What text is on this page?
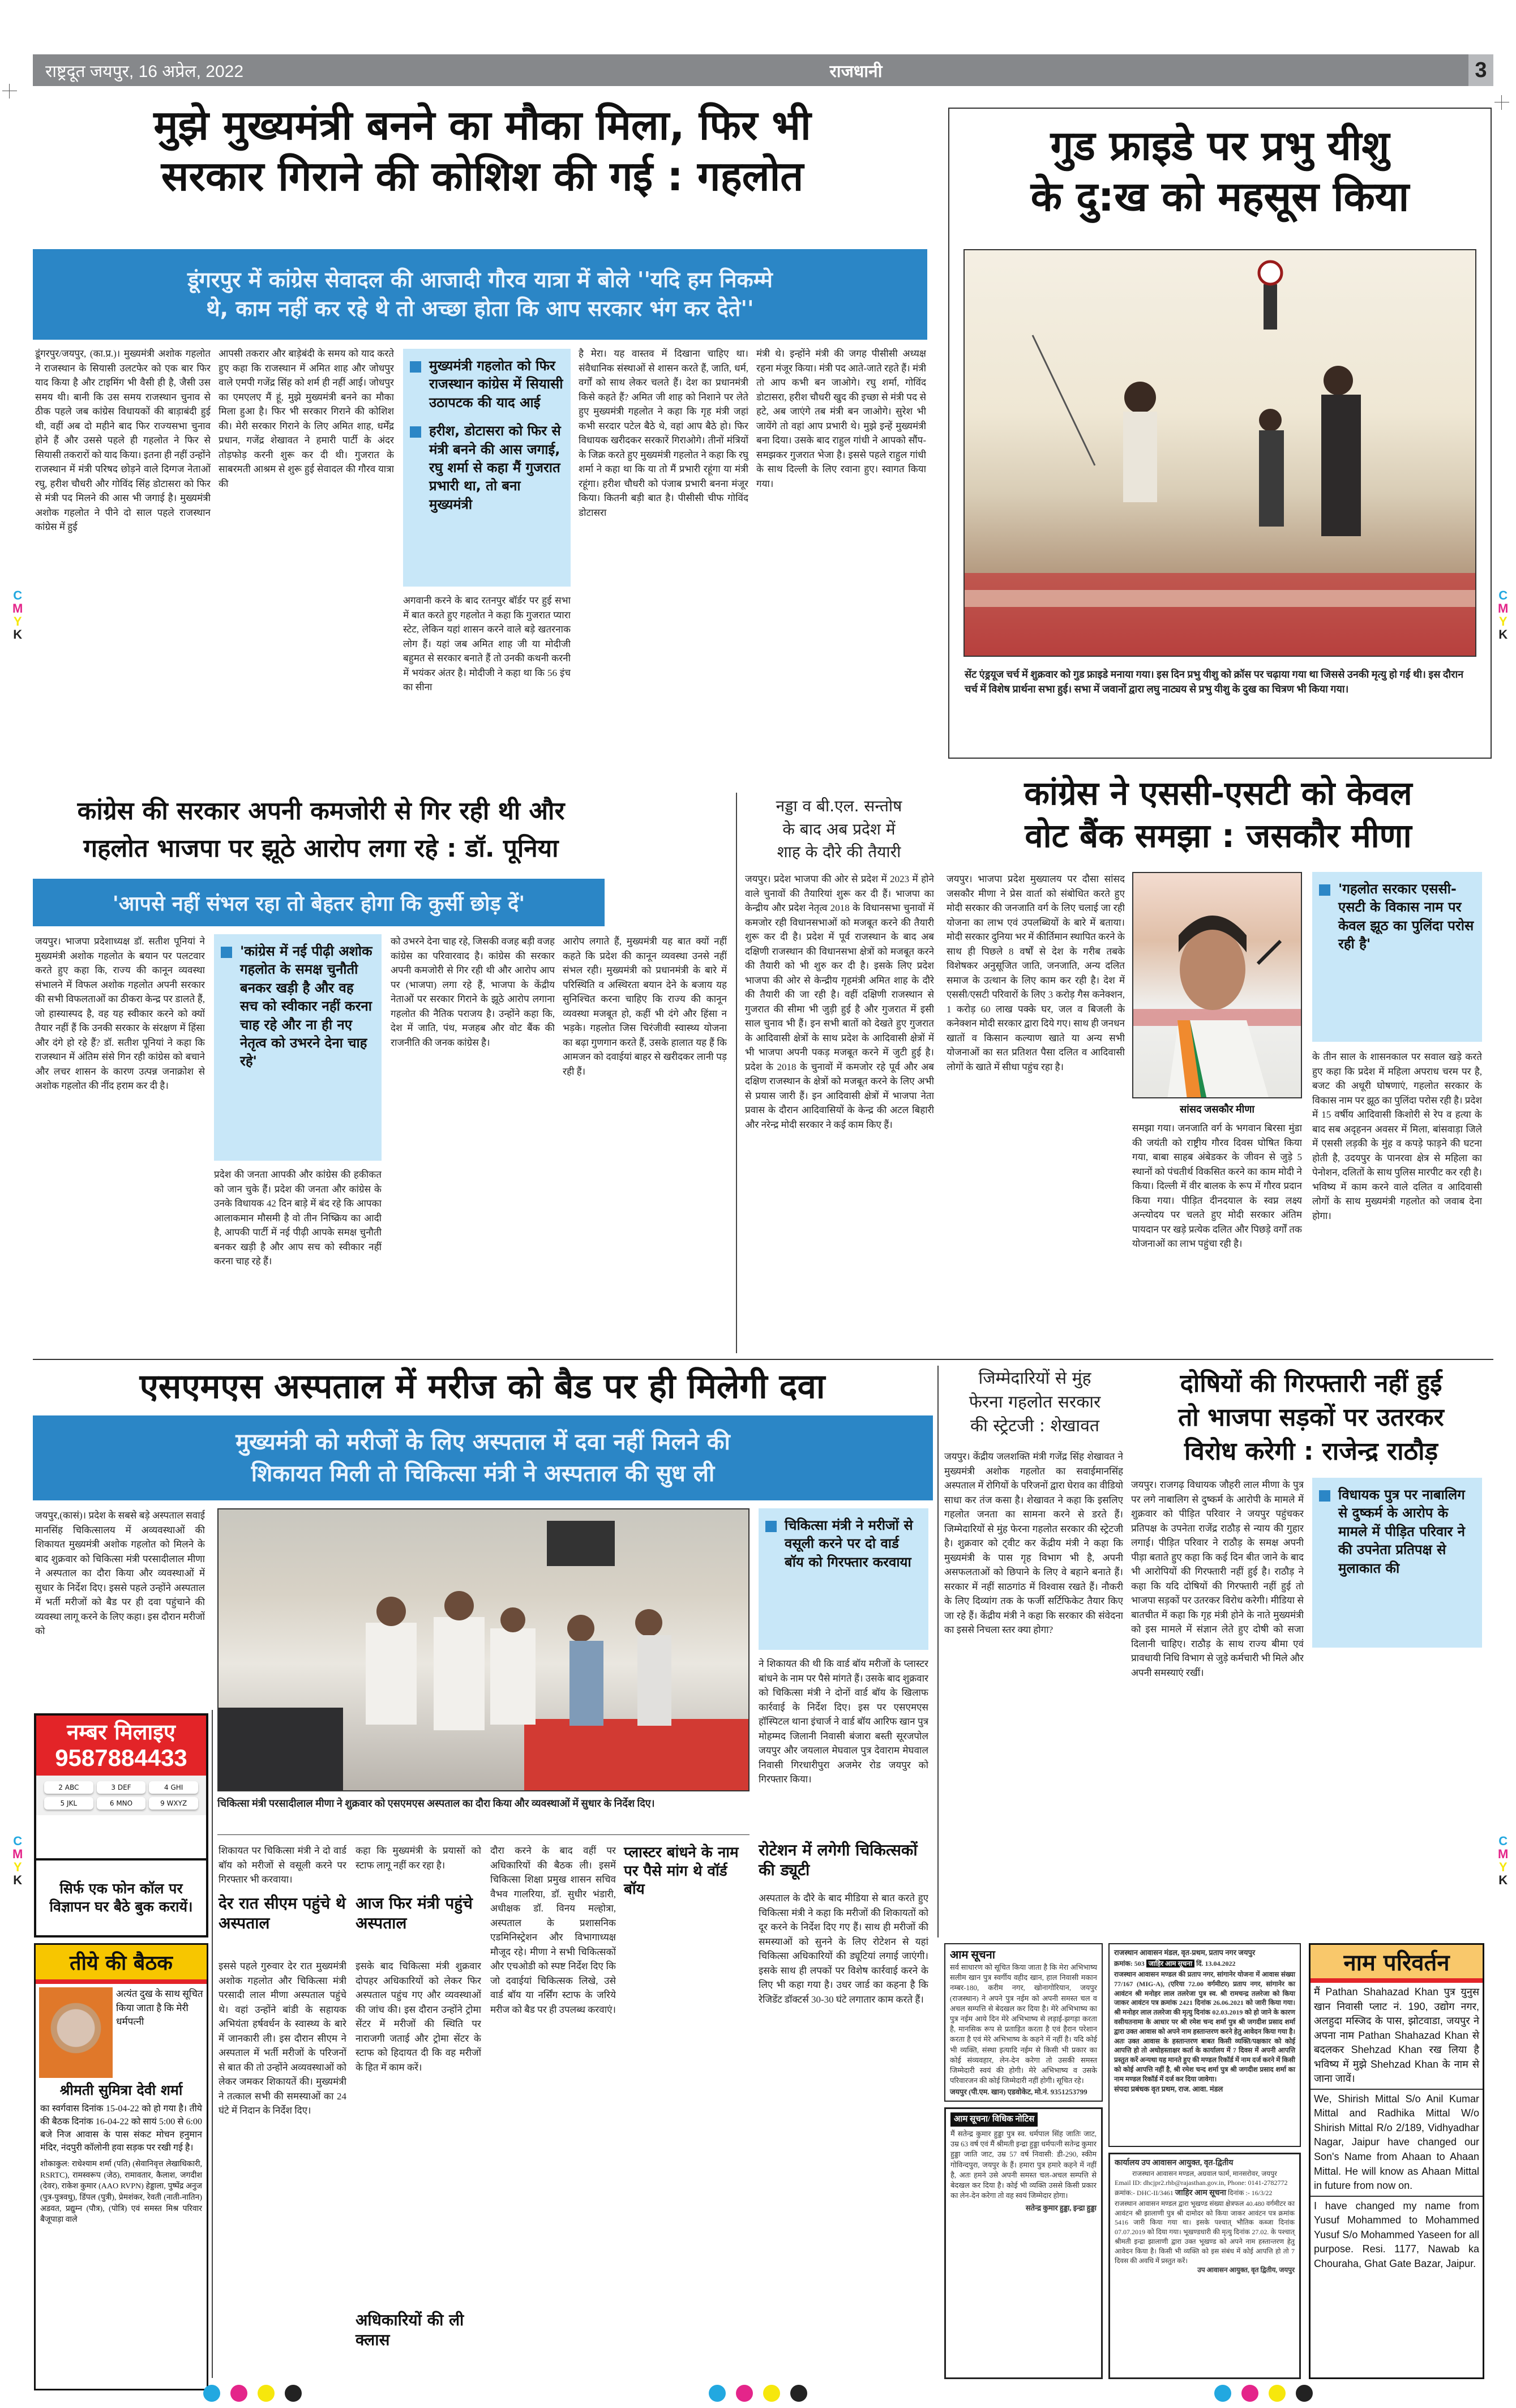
राष्ट्रदूत जयपुर, 16 अप्रेल, 2022	राजधानी	3
C
M
Y
K
C
M
Y
K
C
M
Y
K
C
M
Y
K
मुझे मुख्यमंत्री बनने का मौका मिला, फिर भी
सरकार गिराने की कोशिश की गई : गहलोत
डूंगरपुर में कांग्रेस सेवादल की आजादी गौरव यात्रा में बोले ''यदि हम निकम्मे
थे, काम नहीं कर रहे थे तो अच्छा होता कि आप सरकार भंग कर देते''
डूंगरपुर/जयपुर, (का.प्र.)। मुख्यमंत्री अशोक गहलोत ने राजस्थान के सियासी उलटफेर को एक बार फिर याद किया है और टाइमिंग भी वैसी ही है, जैसी उस समय थी। बानी कि उस समय राजस्थान चुनाव से ठीक पहले जब कांग्रेस विधायकों की बाड़ाबंदी हुई थी, वहीं अब दो महीने बाद फिर राज्यसभा चुनाव होने हैं और उससे पहले ही गहलोत ने फिर से सियासी तकरारों को याद किया। इतना ही नहीं उन्होंने राजस्थान में मंत्री परिषद छोड़ने वाले दिग्गज नेताओं रघु, हरीश चौधरी और गोविंद सिंह डोटासरा को फिर से मंत्री पद मिलने की आस भी जगाई है। मुख्यमंत्री अशोक गहलोत ने पीने दो साल पहले राजस्थान कांग्रेस में हुई
आपसी तकरार और बाड़ेबंदी के समय को याद करते हुए कहा कि राजस्थान में अमित शाह और जोधपुर वाले एमपी गजेंद्र सिंह को शर्म ही नहीं आई। जोधपुर का एमएलए मैं हूं, मुझे मुख्यमंत्री बनने का मौका मिला हुआ है। फिर भी सरकार गिराने की कोशिश की। मेरी सरकार गिराने के लिए अमित शाह, धर्मेंद्र प्रधान, गजेंद्र शेखावत ने हमारी पार्टी के अंदर तोड़फोड़ करनी शुरू कर दी थी। गुजरात के साबरमती आश्रम से शुरू हुई सेवादल की गौरव यात्रा की
मुख्यमंत्री गहलोत को फिर राजस्थान कांग्रेस में सियासी उठापटक की याद आई
हरीश, डोटासरा को फिर से मंत्री बनने की आस जगाई, रघु शर्मा से कहा मैं गुजरात प्रभारी था, तो बना मुख्यमंत्री
अगवानी करने के बाद रतनपुर बॉर्डर पर हुई सभा में बात करते हुए गहलोत ने कहा कि गुजरात प्यारा स्टेट, लेकिन यहां शासन करने वाले बड़े खतरनाक लोग हैं। यहां जब अमित शाह जी या मोदीजी बहुमत से सरकार बनाते हैं तो उनकी कथनी करनी में भयंकर अंतर है। मोदीजी ने कहा था कि 56 इंच का सीना
है मेरा। यह वास्तव में दिखाना चाहिए था। संवैधानिक संस्थाओं से शासन करते हैं, जाति, धर्म, वर्गों को साथ लेकर चलते हैं। देश का प्रधानमंत्री किसे कहते हैं? अमित जी शाह को निशाने पर लेते हुए मुख्यमंत्री गहलोत ने कहा कि गृह मंत्री जहां कभी सरदार पटेल बैठे थे, वहां आप बैठे हो। फिर विधायक खरीदकर सरकारें गिराओगे। तीनों मंत्रियों के जिक्र करते हुए मुख्यमंत्री गहलोत ने कहा कि रघु शर्मा ने कहा था कि या तो मैं प्रभारी रहूंगा या मंत्री रहूंगा। हरीश चौधरी को पंजाब प्रभारी बनना मंजूर किया। कितनी बड़ी बात है। पीसीसी चीफ गोविंद डोटासरा
मंत्री थे। इन्होंने मंत्री की जगह पीसीसी अध्यक्ष रहना मंजूर किया। मंत्री पद आते-जाते रहते हैं। मंत्री तो आप कभी बन जाओगे। रघु शर्मा, गोविंद डोटासरा, हरीश चौधरी खुद की इच्छा से मंत्री पद से हटे, अब जाएंगे तब मंत्री बन जाओगे। सुरेश भी जायेंगे तो वहां आप प्रभारी थे। मुझे इन्हें मुख्यमंत्री बना दिया। उसके बाद राहुल गांधी ने आपको सौंप-समझकर गुजरात भेजा है। इससे पहले राहुल गांधी के साथ दिल्ली के लिए रवाना हुए। स्वागत किया गया।
गुड फ्राइडे पर प्रभु यीशु
के दु:ख को महसूस किया
सेंट एंड्रयूज चर्च में शुक्रवार को गुड फ्राइडे मनाया गया। इस दिन प्रभु यीशु को क्रॉस पर चढ़ाया गया था जिससे उनकी मृत्यु हो गई थी। इस दौरान चर्च में विशेष प्रार्थना सभा हुई। सभा में जवानों द्वारा लघु नाट्यय से प्रभु यीशु के दुख का चित्रण भी किया गया।
कांग्रेस की सरकार अपनी कमजोरी से गिर रही थी और
गहलोत भाजपा पर झूठे आरोप लगा रहे : डॉ. पूनिया
'आपसे नहीं संभल रहा तो बेहतर होगा कि कुर्सी छोड़ दें'
जयपुर। भाजपा प्रदेशाध्यक्ष डॉ. सतीश पूनियां ने मुख्यमंत्री अशोक गहलोत के बयान पर पलटवार करते हुए कहा कि, राज्य की कानून व्यवस्था संभालने में विफल अशोक गहलोत अपनी सरकार की सभी विफलताओं का ठीकरा केन्द्र पर डालते हैं, जो हास्यास्पद है, वह यह स्वीकार करने को क्यों तैयार नहीं हैं कि उनकी सरकार के संरक्षण में हिंसा और दंगे हो रहे हैं? डॉ. सतीश पूनियां ने कहा कि राजस्थान में अंतिम संसे गिन रही कांग्रेस को बचाने और लचर शासन के कारण उत्पन्न जनाक्रोश से अशोक गहलोत की नींद हराम कर दी है।
'कांग्रेस में नई पीढ़ी अशोक गहलोत के समक्ष चुनौती बनकर खड़ी है और वह सच को स्वीकार नहीं करना चाह रहे और ना ही नए नेतृत्व को उभरने देना चाह रहे'
प्रदेश की जनता आपकी और कांग्रेस की हकीकत को जान चुके हैं। प्रदेश की जनता और कांग्रेस के उनके विधायक 42 दिन बाड़े में बंद रहे कि आपका आलाकमान मौसमी है वो तीन निष्क्रिय का आदी है, आपकी पार्टी में नई पीढ़ी आपके समक्ष चुनौती बनकर खड़ी है और आप सच को स्वीकार नहीं करना चाह रहे हैं।
को उभरने देना चाह रहे, जिसकी वजह बड़ी वजह कांग्रेस का परिवारवाद है। कांग्रेस की सरकार अपनी कमजोरी से गिर रही थी और आरोप आप पर (भाजपा) लगा रहे हैं, भाजपा के केंद्रीय नेताओं पर सरकार गिराने के झूठे आरोप लगाना गहलोत की नैतिक पराजय है। उन्होंने कहा कि, देश में जाति, पंथ, मजहब और वोट बैंक की राजनीति की जनक कांग्रेस है।
आरोप लगाते हैं, मुख्यमंत्री यह बात क्यों नहीं कहते कि प्रदेश की कानून व्यवस्था उनसे नहीं संभल रही। मुख्यमंत्री को प्रधानमंत्री के बारे में परिस्थिति व अस्थिरता बयान देने के बजाय यह सुनिश्चित करना चाहिए कि राज्य की कानून व्यवस्था मजबूत हो, कहीं भी दंगे और हिंसा न भड़के। गहलोत जिस चिरंजीवी स्वास्थ्य योजना का बढ़ा गुणगान करते हैं, उसके हालात यह हैं कि आमजन को दवाईयां बाहर से खरीदकर लानी पड़ रही हैं।
नड्डा व बी.एल. सन्तोष
के बाद अब प्रदेश में
शाह के दौरे की तैयारी
जयपुर। प्रदेश भाजपा की ओर से प्रदेश में 2023 में होने वाले चुनावों की तैयारियां शुरू कर दी हैं। भाजपा का केन्द्रीय और प्रदेश नेतृत्व 2018 के विधानसभा चुनावों में कमजोर रही विधानसभाओं को मजबूत करने की तैयारी शुरू कर दी है। प्रदेश में पूर्व राजस्थान के बाद अब दक्षिणी राजस्थान की विधानसभा क्षेत्रों को मजबूत करने की तैयारी को भी शुरु कर दी है। इसके लिए प्रदेश भाजपा की ओर से केन्द्रीय गृहमंत्री अमित शाह के दौरे की तैयारी की जा रही है। वहीं दक्षिणी राजस्थान से गुजरात की सीमा भी जुड़ी हुई है और गुजरात में इसी साल चुनाव भी हैं। इन सभी बातों को देखते हुए गुजरात के आदिवासी क्षेत्रों के साथ प्रदेश के आदिवासी क्षेत्रों में भी भाजपा अपनी पकड़ मजबूत करने में जुटी हुई है। प्रदेश के 2018 के चुनावों में कमजोर रहे पूर्व और अब दक्षिण राजस्थान के क्षेत्रों को मजबूत करने के लिए अभी से प्रयास जारी हैं। इन आदिवासी क्षेत्रों में भाजपा नेता प्रवास के दौरान आदिवासियों के केन्द्र की अटल बिहारी और नरेन्द्र मोदी सरकार ने कई काम किए हैं।
कांग्रेस ने एससी-एसटी को केवल
वोट बैंक समझा : जसकौर मीणा
जयपुर। भाजपा प्रदेश मुख्यालय पर दौसा सांसद जसकौर मीणा ने प्रेस वार्ता को संबोधित करते हुए मोदी सरकार की जनजाति वर्ग के लिए चलाई जा रही योजना का लाभ एवं उपलब्धियों के बारे में बताया। मोदी सरकार दुनिया भर में कीर्तिमान स्थापित करने के साथ ही पिछले 8 वर्षों से देश के गरीब तबके विशेषकर अनुसूजित जाति, जनजाति, अन्य दलित समाज के उत्थान के लिए काम कर रही है। देश में एससी/एसटी परिवारों के लिए 3 करोड़ गैस कनेक्शन, 1 करोड़ 60 लाख पक्के घर, जल व बिजली के कनेक्शन मोदी सरकार द्वारा दिये गए। साथ ही जनधन खातों व किसान कल्याण खाते या अन्य सभी योजनाओं का सत प्रतिशत पैसा दलित व आदिवासी लोगों के खाते में सीधा पहुंच रहा है।
सांसद जसकौर मीणा
समझा गया। जनजाति वर्ग के भगवान बिरसा मुंडा की जयंती को राष्ट्रीय गौरव दिवस घोषित किया गया, बाबा साहब अंबेडकर के जीवन से जुड़े 5 स्थानों को पंचतीर्थ विकसित करने का काम मोदी ने किया। दिल्ली में वीर बालक के रूप में गौरव प्रदान किया गया। पीड़ित दीनदयाल के स्वप्न लक्ष्य अन्त्योदय पर चलते हुए मोदी सरकार अंतिम पायदान पर खड़े प्रत्येक दलित और पिछड़े वर्गों तक योजनाओं का लाभ पहुंचा रही है।
'गहलोत सरकार एससी-एसटी के विकास नाम पर केवल झूठ का पुलिंदा परोस रही है'
के तीन साल के शासनकाल पर सवाल खड़े करते हुए कहा कि प्रदेश में महिला अपराध चरम पर है, बजट की अधूरी घोषणाएं, गहलोत सरकार के विकास नाम पर झूठ का पुलिंदा परोस रही है। प्रदेश में 15 वर्षीय आदिवासी किशोरी से रेप व हत्या के बाद सब अदृहनन अवसर में मिला, बांसवाड़ा जिले में एससी लड़की के मुंह व कपड़े फाड़ने की घटना होती है, उदयपुर के पानरवा क्षेत्र से महिला का पेनोशन, दलितों के साथ पुलिस मारपीट कर रही है। भविष्य में काम करने वाले दलित व आदिवासी लोगों के साथ मुख्यमंत्री गहलोत को जवाब देना होगा।
एसएमएस अस्पताल में मरीज को बैड पर ही मिलेगी दवा
मुख्यमंत्री को मरीजों के लिए अस्पताल में दवा नहीं मिलने की
शिकायत मिली तो चिकित्सा मंत्री ने अस्पताल की सुध ली
जयपुर,(कासं)। प्रदेश के सबसे बड़े अस्पताल सवाई मानसिंह चिकित्सालय में अव्यवस्थाओं की शिकायत मुख्यमंत्री अशोक गहलोत को मिलने के बाद शुक्रवार को चिकित्सा मंत्री परसादीलाल मीणा ने अस्पताल का दौरा किया और व्यवस्थाओं में सुधार के निर्देश दिए। इससे पहले उन्होंने अस्पताल में भर्ती मरीजों को बैड पर ही दवा पहुंचाने की व्यवस्था लागू करने के लिए कहा। इस दौरान मरीजों को
चिकित्सा मंत्री परसादीलाल मीणा ने शुक्रवार को एसएमएस अस्पताल का दौरा किया और व्यवस्थाओं में सुधार के निर्देश दिए।
चिकित्सा मंत्री ने मरीजों से वसूली करने पर दो वार्ड बॉय को गिरफ्तार करवाया
ने शिकायत की थी कि वार्ड बॉय मरीजों के प्लास्टर बांधने के नाम पर पैसे मांगते हैं। उसके बाद शुक्रवार को चिकित्सा मंत्री ने दोनों वार्ड बॉय के खिलाफ कार्रवाई के निर्देश दिए। इस पर एसएमएस हॉस्पिटल थाना इंचार्ज ने वार्ड बॉय आरिफ खान पुत्र मोहम्मद जिलानी निवासी बंजारा बस्ती सूरजपोल जयपुर और जयलाल मेघवाल पुत्र देवाराम मेघवाल निवासी गिरधारीपुरा अजमेर रोड जयपुर को गिरफ्तार किया।
रोटेशन में लगेगी चिकित्सकों की ड्यूटी
शिकायत पर चिकित्सा मंत्री ने दो वार्ड बॉय को मरीजों से वसूली करने पर गिरफ्तार भी करवाया।
देर रात सीएम पहुंचे थे अस्पताल
इससे पहले गुरुवार देर रात मुख्यमंत्री अशोक गहलोत और चिकित्सा मंत्री परसादी लाल मीणा अस्पताल पहुंचे थे। वहां उन्होंने बांडी के सहायक अभियंता हर्षवर्धन के स्वास्थ्य के बारे में जानकारी ली। इस दौरान सीएम ने अस्पताल में भर्ती मरीजों के परिजनों से बात की तो उन्होंने अव्यवस्थाओं को लेकर जमकर शिकायतें की। मुख्यमंत्री ने तत्काल सभी की समस्याओं का 24 घंटे में निदान के निर्देश दिए।
कहा कि मुख्यमंत्री के प्रयासों को स्टाफ लागू नहीं कर रहा है।
आज फिर मंत्री पहुंचे अस्पताल
इसके बाद चिकित्सा मंत्री शुक्रवार दोपहर अधिकारियों को लेकर फिर अस्पताल पहुंच गए और व्यवस्थाओं की जांच की। इस दौरान उन्होंने ट्रोमा सेंटर में मरीजों की स्थिति पर नाराजगी जताई और ट्रोमा सेंटर के स्टाफ को हिदायत दी कि वह मरीजों के हित में काम करें।
अधिकारियों की ली क्लास
दौरा करने के बाद वहीं पर अधिकारियों की बैठक ली। इसमें चिकित्सा शिक्षा प्रमुख शासन सचिव वैभव गालरिया, डॉ. सुधीर भंडारी, अधीक्षक डॉ. विनय मल्होत्रा, अस्पताल के प्रशासनिक एडमिनिस्ट्रेशन और विभागाध्यक्ष मौजूद रहे। मीणा ने सभी चिकित्सकों और एचओडी को स्पष्ट निर्देश दिए कि जो दवाईयां चिकित्सक लिखे, उसे वार्ड बॉय या नर्सिंग स्टाफ के जरिये मरीज को बैड पर ही उपलब्ध करवाएं।
प्लास्टर बांधने के नाम पर पैसे मांग थे वॉर्ड बॉय
अस्पताल के दौरे के बाद मीडिया से बात करते हुए चिकित्सा मंत्री ने कहा कि मरीजों की शिकायतों को दूर करने के निर्देश दिए गए हैं। साथ ही मरीजों की समस्याओं को सुनने के लिए रोटेशन से यहां चिकित्सा अधिकारियों की ड्यूटियां लगाई जाएंगी। इसके साथ ही लपकों पर विशेष कार्रवाई करने के लिए भी कहा गया है। उधर जार्ड का कहना है कि रेजिडेंट डॉक्टर्स 30-30 घंटे लगातार काम करते हैं।
नम्बर मिलाइए
9587884433
2 ABC	3 DEF	4 GHI
5 JKL	6 MNO	9 WXYZ
सिर्फ एक फोन कॉल पर विज्ञापन घर बैठे बुक करायें।
तीये की बैठक
अत्यंत दुख के साथ सूचित किया जाता है कि मेरी धर्मपत्नी
श्रीमती सुमित्रा देवी शर्मा
का स्वर्गवास दिनांक 15-04-22 को हो गया है। तीये की बैठक दिनांक 16-04-22 को सायं 5:00 से 6:00 बजे निज आवास के पास संकट मोचन हनुमान मंदिर, नंदपुरी कॉलोनी हवा सड़क पर रखी गई है।
शोकाकुल: राधेश्याम शर्मा (पति) (सेवानिवृत्त लेखाधिकारी, RSRTC), रामस्वरूप (जेठ), रामावतार, कैलाश, जगदीश (देवर), राकेश कुमार (AAO RVPN) हेड्डाला, पुष्पेंद्र अनुज (पुत्र-पुत्रवधु), डिंपल (पुत्री), प्रेमशंकर, रेवती (नाती-नातिन) अडवत, प्रद्युम्न (पौत्र), (पोत्रि) एवं समस्त मिश्र परिवार बैजूपाड़ा वाले
जिम्मेदारियों से मुंह
फेरना गहलोत सरकार
की स्ट्रेटजी : शेखावत
जयपुर। केंद्रीय जलशक्ति मंत्री गजेंद्र सिंह शेखावत ने मुख्यमंत्री अशोक गहलोत का सवाईमानसिंह अस्पताल में रोगियों के परिजनों द्वारा घेराव का वीडियो साधा कर तंज कसा है। शेखावत ने कहा कि इसलिए गहलोत जनता का सामना करने से डरते हैं। जिम्मेदारियों से मुंह फेरना गहलोत सरकार की स्ट्रेटजी है। शुक्रवार को ट्वीट कर केंद्रीय मंत्री ने कहा कि मुख्यमंत्री के पास गृह विभाग भी है, अपनी असफलताओं को छिपाने के लिए वे बहाने बनाते हैं। सरकार में नहीं साठगांठ में विश्वास रखते हैं। नौकरी के लिए दिव्यांग तक के फर्जी सर्टिफिकेट तैयार किए जा रहे हैं। केंद्रीय मंत्री ने कहा कि सरकार की संवेदना का इससे निचला स्तर क्या होगा?
दोषियों की गिरफ्तारी नहीं हुई
तो भाजपा सड़कों पर उतरकर
विरोध करेगी : राजेन्द्र राठौड़
जयपुर। राजगढ़ विधायक जौहरी लाल मीणा के पुत्र पर लगे नाबालिग से दुष्कर्म के आरोपी के मामले में शुक्रवार को पीड़ित परिवार ने जयपुर पहुंचकर प्रतिपक्ष के उपनेता राजेंद्र राठौड़ से न्याय की गुहार लगाई। पीड़ित परिवार ने राठौड़ के समक्ष अपनी पीड़ा बताते हुए कहा कि कई दिन बीत जाने के बाद भी आरोपियों की गिरफ्तारी नहीं हुई है। राठौड़ ने कहा कि यदि दोषियों की गिरफ्तारी नहीं हुई तो भाजपा सड़कों पर उतरकर विरोध करेगी। मीडिया से बातचीत में कहा कि गृह मंत्री होने के नाते मुख्यमंत्री को इस मामले में संज्ञान लेते हुए दोषी को सजा दिलानी चाहिए। राठौड़ के साथ राज्य बीमा एवं प्रावधायी निधि विभाग से जुड़े कर्मचारी भी मिले और अपनी समस्याएं रखीं।
विधायक पुत्र पर नाबालिग से दुष्कर्म के आरोप के मामले में पीड़ित परिवार ने की उपनेता प्रतिपक्ष से मुलाकात की
आम सूचना
सर्व साधारण को सूचित किया जाता है कि मेरा अभिभाष्य सलीम खान पुत्र स्वर्गीय वहीद खान, हाल निवासी मकान नम्बर-180, करीम नगर, खोनागोरियान, जयपुर (राजस्थान) ने अपने पुत्र नईम को अपनी समस्त चल व अचल सम्पत्ति से बेदखल कर दिया है। मेरे अभिभाष्य का पुत्र नईम आये दिन मेरे अभिभाष्य से लड़ाई-झगड़ा करता है, मानसिक रूप से प्रताड़ित करता है एवं हैरान परेशान करता है एवं मेरे अभिभाष्य के कहने में नहीं है। यदि कोई भी व्यक्ति, संस्था इत्यादि नईम से किसी भी प्रकार का कोई संव्यवहार, लेन-देन करेगा तो उसकी समस्त जिम्मेदारी स्वयं की होगी। मेरे अभिभाष्य व उसके परिवारजन की कोई जिम्मेदारी नहीं होगी। सूचित रहे।
जयपुर (पी.एम. खान) एडवोकेट, मो.नं. 9351253799
आम सूचना/ विधिक नोटिस
मैं सतेन्द्र कुमार हुड्डा पुत्र स्व. धर्मपाल सिंह जातिः जाट, उम्र 63 वर्ष एवं मैं श्रीमती इन्द्रा हुड्डा धर्मपत्नी सतेन्द्र कुमार हुड्डा जाति जाट, उम्र 57 वर्ष निवासी: डी-290, स्कीम गोविन्दपुरा, जयपुर के हैं। हमारा पुत्र हमारे कहने में नहीं है, अतः हमने उसे अपनी समस्त चल-अचल सम्पत्ति से बेदखल कर दिया है। कोई भी व्यक्ति उससे किसी प्रकार का लेन-देन करेगा तो वह स्वयं जिम्मेदार होगा।
सतेन्द्र कुमार हुड्डा, इन्द्रा हुड्डा
राजस्थान आवासन मंडल, वृत-प्रथम, प्रताप नगर जयपुर
क्रमांक: 503 जाहिर आम सूचना दिं. 13.04.2022
राजस्थान आवासन मण्डल की प्रताप नगर, सांगानेर योजना में आवास संख्या 77/167 (MIG-A), (एरिया 72.00 वर्गमीटर) प्रताप नगर, सांगानेर का आवंटन श्री मनोहर लाल तलरेजा पुत्र स्व. श्री रामचन्द्र तलरेजा को किया जाकर आवंटन पत्र क्रमांक 2421 दिनांक 26.06.2021 को जारी किया गया। श्री मनोहर लाल तलरेजा की मृत्यु दिनांक 02.03.2019 को हो जाने के कारण वसीयतनामा के आधार पर श्री रमेश चन्द शर्मा पुत्र श्री जगदीश प्रसाद शर्मा द्वारा उक्त आवास को अपने नाम हस्तान्तरण करने हेतु आवेदन किया गया है। अतः उक्त आवास के हस्तान्तरण बाबत किसी व्यक्ति/पक्षकार को कोई आपत्ति हो तो अधोहस्ताक्षर कर्ता के कार्यालय में 7 दिवस में अपनी आपत्ति प्रस्तुत करें अन्यथा यह मानते हुए की मण्डल रिकॉर्ड में नाम दर्ज करने में किसी को कोई आपत्ति नहीं है, श्री रमेश चन्द शर्मा पुत्र श्री जगदीश प्रसाद शर्मा का नाम मण्डल रिकॉर्ड में दर्ज कर दिया जावेगा।
संपदा प्रबंधक वृत प्रथम, राज. आवा. मंडल
कार्यालय उप आवासन आयुक्त, वृत-द्वितीय
राजस्थान आवासन मण्डल, अग्रवाल फार्म, मानसरोवर, जयपुर
Email ID: dhcjpr2.rhb@rajasthan.gov.in, Phone: 0141-2782772
क्रमांक:- DHC-II/3461 जाहिर आम सूचना दिनांक :- 16/3/22
राजस्थान आवासन मण्डल द्वारा भूखण्ड संख्या क्षेत्रफल 40.480 वर्गमीटर का आवंटन श्री झालाणी पुत्र श्री दामोदर को किया जाकर आवंटन पत्र क्रमांक 5416 जारी किया गया था। इसके पश्चात् भौतिक कब्जा दिनांक 07.07.2019 को दिया गया। भूखण्डधारी की मृत्यु दिनांक 27.02. के पश्चात् श्रीमती इन्द्रा झालाणी द्वारा उक्त भूखण्ड को अपने नाम हस्तान्तरण हेतु आवेदन किया है। किसी भी व्यक्ति को इस संबंध में कोई आपत्ति हो तो 7 दिवस की अवधि में प्रस्तुत करें।
उप आवासन आयुक्त, वृत द्वितीय, जयपुर
नाम परिवर्तन
मैं Pathan Shahazad Khan पुत्र युनुस खान निवासी प्लाट नं. 190, उद्योग नगर, अलहुदा मस्जिद के पास, झोटवाडा, जयपुर ने अपना नाम Pathan Shahazad Khan से बदलकर Shehzad Khan रख लिया है भविष्य में मुझे Shehzad Khan के नाम से जाना जावें।
We, Shirish Mittal S/o Anil Kumar Mittal and Radhika Mittal W/o Shirish Mittal R/o 2/189, Vidhyadhar Nagar, Jaipur have changed our Son's Name from Ahaan to Ahaan Mittal. He will know as Ahaan Mittal in future from now on.
I have changed my name from Yusuf Mohammed to Mohammed Yusuf S/o Mohammed Yaseen for all purpose. Resi. 1177, Nawab ka Chouraha, Ghat Gate Bazar, Jaipur.
